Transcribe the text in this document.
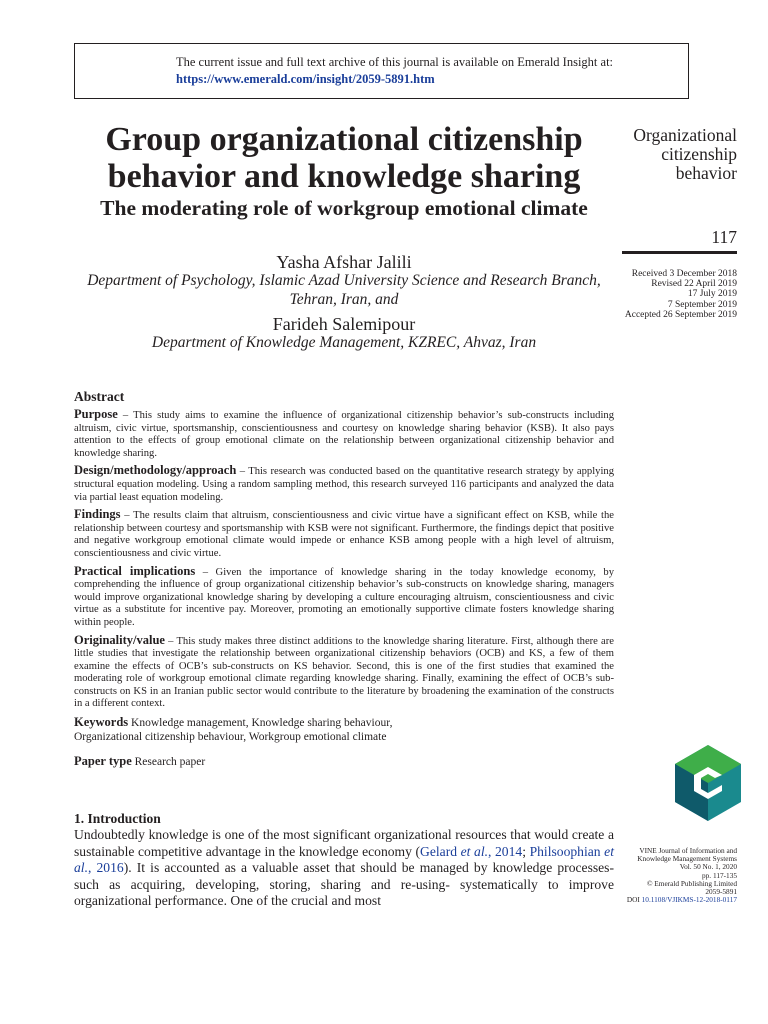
The current issue and full text archive of this journal is available on Emerald Insight at:
https://www.emerald.com/insight/2059-5891.htm
Group organizational citizenship behavior and knowledge sharing
The moderating role of workgroup emotional climate
Yasha Afshar Jalili
Department of Psychology, Islamic Azad University Science and Research Branch, Tehran, Iran, and
Farideh Salemipour
Department of Knowledge Management, KZREC, Ahvaz, Iran
Organizational
citizenship
behavior
117
Received 3 December 2018
Revised 22 April 2019
17 July 2019
7 September 2019
Accepted 26 September 2019
Abstract

Purpose – This study aims to examine the influence of organizational citizenship behavior’s sub-constructs including altruism, civic virtue, sportsmanship, conscientiousness and courtesy on knowledge sharing behavior (KSB). It also pays attention to the effects of group emotional climate on the relationship between organizational citizenship behavior and knowledge sharing.

Design/methodology/approach – This research was conducted based on the quantitative research strategy by applying structural equation modeling. Using a random sampling method, this research surveyed 116 participants and analyzed the data via partial least equation modeling.

Findings – The results claim that altruism, conscientiousness and civic virtue have a significant effect on KSB, while the relationship between courtesy and sportsmanship with KSB were not significant. Furthermore, the findings depict that positive and negative workgroup emotional climate would impede or enhance KSB among people with a high level of altruism, conscientiousness and civic virtue.

Practical implications – Given the importance of knowledge sharing in the today knowledge economy, by comprehending the influence of group organizational citizenship behavior’s sub-constructs on knowledge sharing, managers would improve organizational knowledge sharing by developing a culture encouraging altruism, conscientiousness and civic virtue as a substitute for incentive pay. Moreover, promoting an emotionally supportive climate fosters knowledge sharing within people.

Originality/value – This study makes three distinct additions to the knowledge sharing literature. First, although there are little studies that investigate the relationship between organizational citizenship behaviors (OCB) and KS, a few of them examine the effects of OCB’s sub-constructs on KS behavior. Second, this is one of the first studies that examined the moderating role of workgroup emotional climate regarding knowledge sharing. Finally, examining the effect of OCB’s sub-constructs on KS in an Iranian public sector would contribute to the literature by broadening the examination of the constructs in a different context.

Keywords Knowledge management, Knowledge sharing behaviour,
Organizational citizenship behaviour, Workgroup emotional climate
Paper type Research paper
VINE Journal of Information and
Knowledge Management Systems
Vol. 50 No. 1, 2020
pp. 117-135
© Emerald Publishing Limited
2059-5891
DOI 10.1108/VJIKMS-12-2018-0117
1. Introduction

Undoubtedly knowledge is one of the most significant organizational resources that would create a sustainable competitive advantage in the knowledge economy (Gelard et al., 2014; Philsoophian et al., 2016). It is accounted as a valuable asset that should be managed by knowledge processes- such as acquiring, developing, storing, sharing and re-using- systematically to improve organizational performance. One of the crucial and most
